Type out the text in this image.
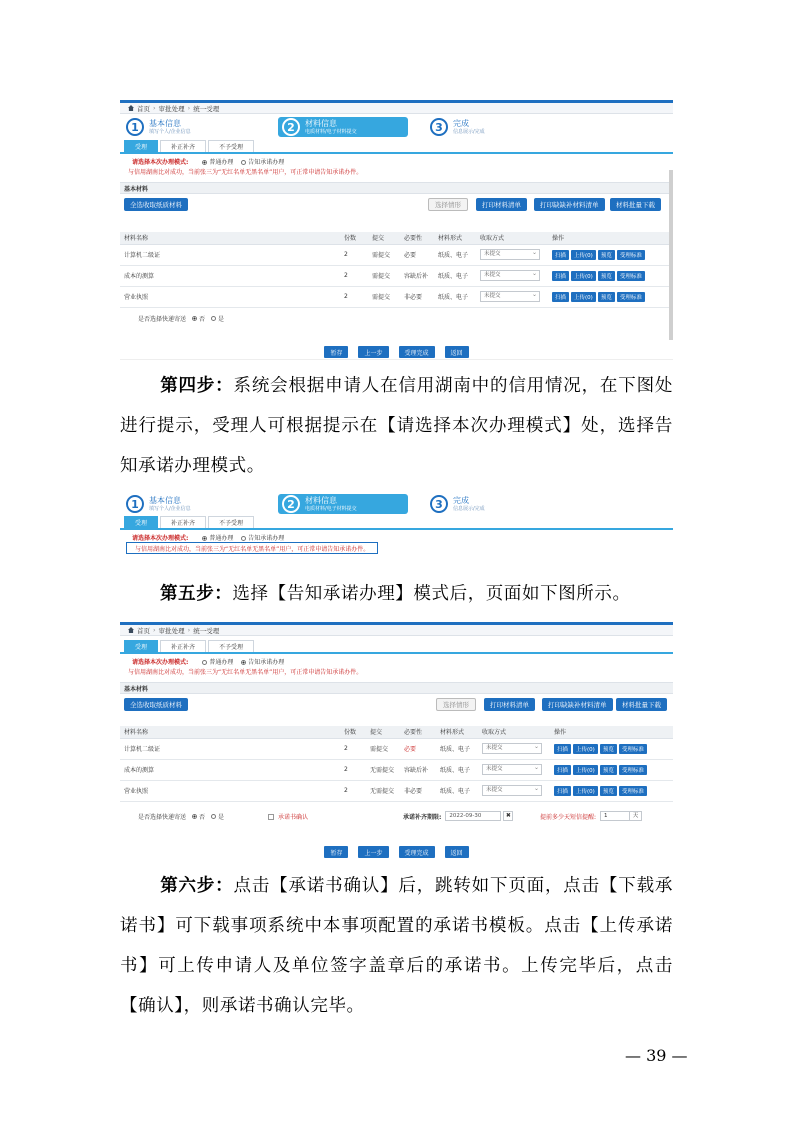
首页 › 审批处理 › 统一受理
1	基本信息
填写个人/企业信息	2	材料信息
电质材料/电子材料提交	3	完成
信息展示/完成
受理	补正补齐	不予受理
请选择本次办理模式:	普通办理 告知承诺办理
与信用湖南比对成功，当前张三为“无红名单无黑名单”用户，可正常申请告知承诺办件。
基本材料
全选收取纸质材料	选择情形	打印材料清单	打印缺缺补材料清单	材料批量下载
材料名称	份数	提交	必要性	材料形式	收取方式	操作
计算机二级证	2	需提交	必要	纸质、电子	未提交 ⌄	扫描 上传(0) 预览 受理标准

成本的测算	2	需提交	容缺后补	纸质、电子	未提交 ⌄	扫描 上传(0) 预览 受理标准

营业执照	2	需提交	非必要	纸质、电子	未提交 ⌄	扫描 上传(0) 预览 受理标准
是否选择快递寄送 否 是
暂存	上一步	受理完成	返回
第四步：系统会根据申请人在信用湖南中的信用情况，在下图处进行提示，受理人可根据提示在【请选择本次办理模式】处，选择告知承诺办理模式。
1	基本信息
填写个人/企业信息	2	材料信息
电质材料/电子材料提交	3	完成
信息展示/完成
受理	补正补齐	不予受理
请选择本次办理模式:	普通办理 告知承诺办理
与信用湖南比对成功，当前张三为“无红名单无黑名单”用户，可正常申请告知承诺办件。
第五步：选择【告知承诺办理】模式后，页面如下图所示。
首页 › 审批处理 › 统一受理
受理	补正补齐	不予受理
请选择本次办理模式:	普通办理 告知承诺办理
与信用湖南比对成功，当前张三为“无红名单无黑名单”用户，可正常申请告知承诺办件。
基本材料
全选收取纸质材料	选择情形	打印材料清单	打印缺缺补材料清单	材料批量下载
材料名称	份数	提交	必要性	材料形式	收取方式	操作
计算机二级证	2	需提交	必要	纸质、电子	未提交 ⌄	扫描 上传(0) 预览 受理标准

成本的测算	2	无需提交	容缺后补	纸质、电子	未提交 ⌄	扫描 上传(0) 预览 受理标准

营业执照	2	无需提交	非必要	纸质、电子	未提交 ⌄	扫描 上传(0) 预览 受理标准
是否选择快递寄送 否 是	承诺书确认	承诺补齐期限:	2022-09-30	✖	提前多少天短信提醒:	1	天
暂存	上一步	受理完成	返回
第六步：点击【承诺书确认】后，跳转如下页面，点击【下载承诺书】可下载事项系统中本事项配置的承诺书模板。点击【上传承诺书】可上传申请人及单位签字盖章后的承诺书。上传完毕后，点击【确认】，则承诺书确认完毕。
— 39 —
